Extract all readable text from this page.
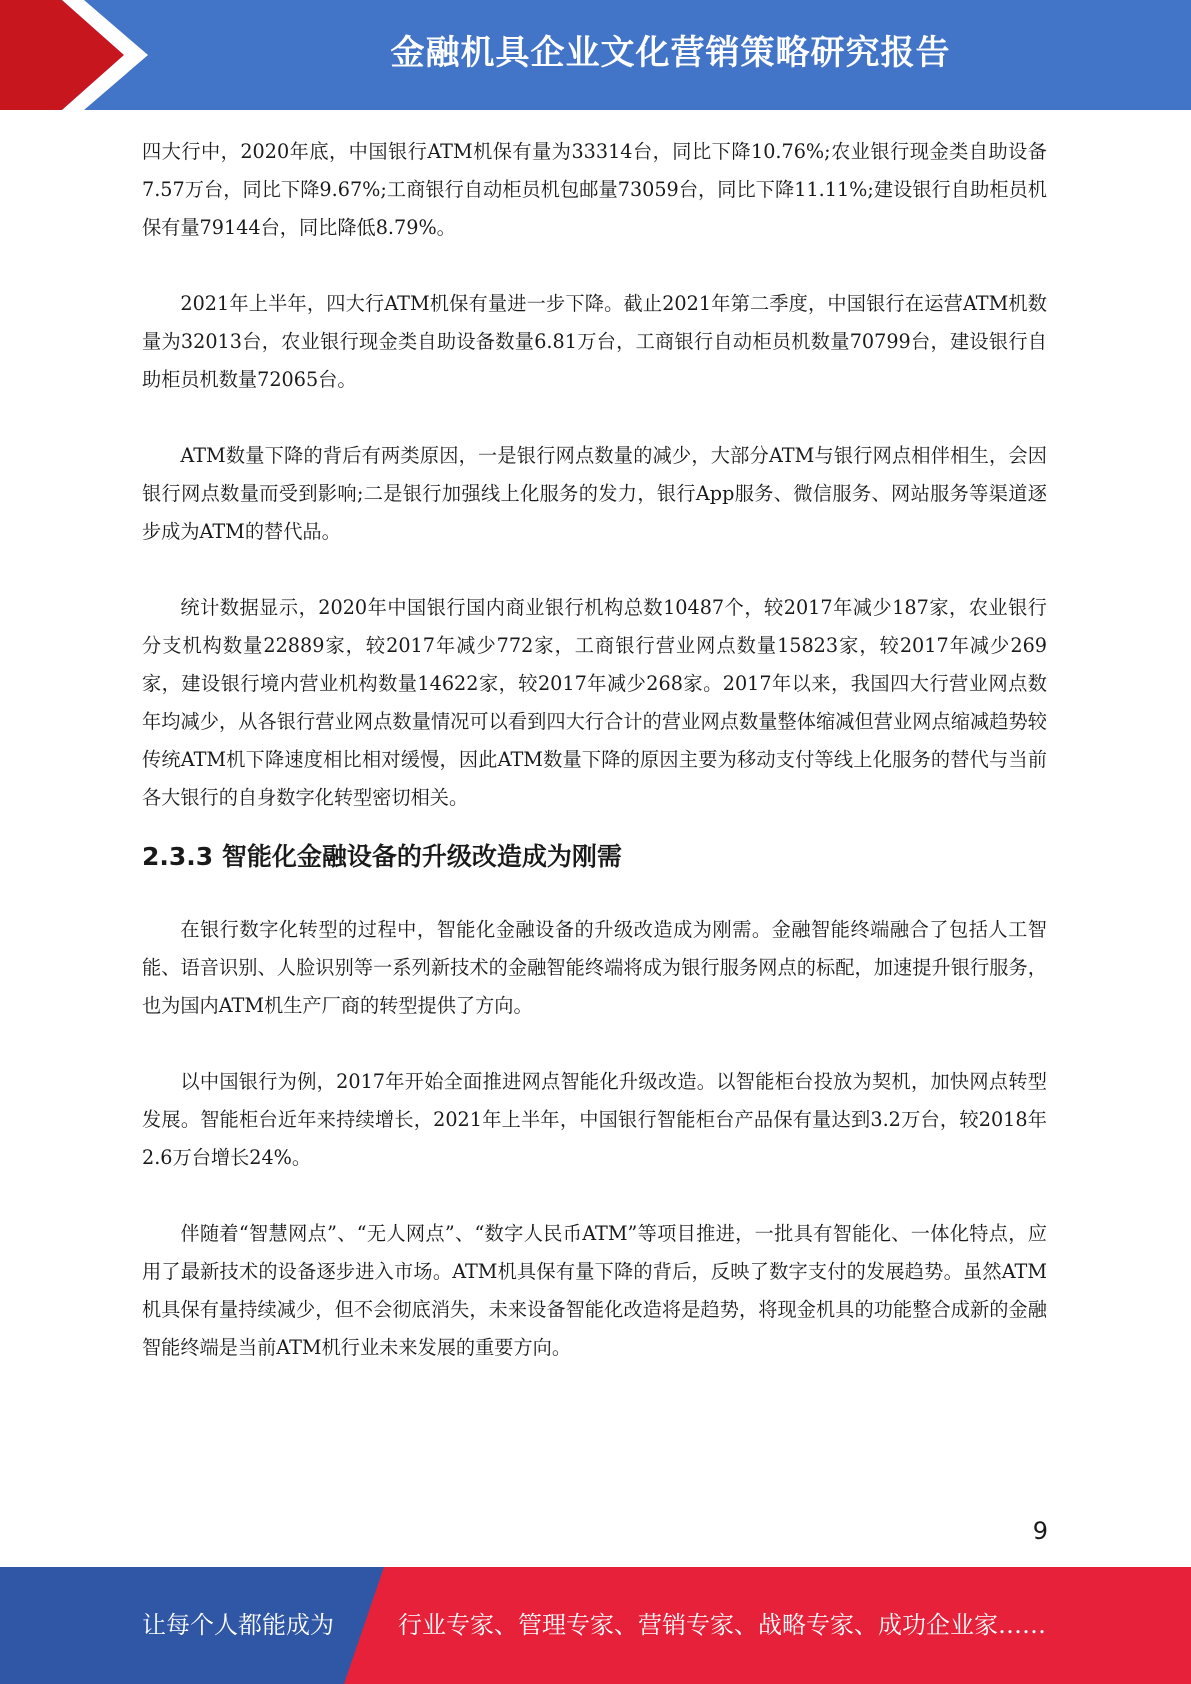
金融机具企业文化营销策略研究报告

四大行中，2020年底，中国银行ATM机保有量为33314台，同比下降10.76%;农业银行现金类自助设备7.57万台，同比下降9.67%;工商银行自动柜员机包邮量73059台，同比下降11.11%;建设银行自助柜员机保有量79144台，同比降低8.79%。

2021年上半年，四大行ATM机保有量进一步下降。截止2021年第二季度，中国银行在运营ATM机数量为32013台，农业银行现金类自助设备数量6.81万台，工商银行自动柜员机数量70799台，建设银行自助柜员机数量72065台。

ATM数量下降的背后有两类原因，一是银行网点数量的减少，大部分ATM与银行网点相伴相生，会因银行网点数量而受到影响;二是银行加强线上化服务的发力，银行App服务、微信服务、网站服务等渠道逐步成为ATM的替代品。

统计数据显示，2020年中国银行国内商业银行机构总数10487个，较2017年减少187家，农业银行分支机构数量22889家，较2017年减少772家，工商银行营业网点数量15823家，较2017年减少269家，建设银行境内营业机构数量14622家，较2017年减少268家。2017年以来，我国四大行营业网点数年均减少，从各银行营业网点数量情况可以看到四大行合计的营业网点数量整体缩减但营业网点缩减趋势较传统ATM机下降速度相比相对缓慢，因此ATM数量下降的原因主要为移动支付等线上化服务的替代与当前各大银行的自身数字化转型密切相关。

2.3.3 智能化金融设备的升级改造成为刚需

在银行数字化转型的过程中，智能化金融设备的升级改造成为刚需。金融智能终端融合了包括人工智能、语音识别、人脸识别等一系列新技术的金融智能终端将成为银行服务网点的标配，加速提升银行服务，也为国内ATM机生产厂商的转型提供了方向。

以中国银行为例，2017年开始全面推进网点智能化升级改造。以智能柜台投放为契机，加快网点转型发展。智能柜台近年来持续增长，2021年上半年，中国银行智能柜台产品保有量达到3.2万台，较2018年2.6万台增长24%。

伴随着“智慧网点”、“无人网点”、“数字人民币ATM”等项目推进，一批具有智能化、一体化特点，应用了最新技术的设备逐步进入市场。ATM机具保有量下降的背后，反映了数字支付的发展趋势。虽然ATM机具保有量持续减少，但不会彻底消失，未来设备智能化改造将是趋势，将现金机具的功能整合成新的金融智能终端是当前ATM机行业未来发展的重要方向。

9
让每个人都能成为	行业专家、管理专家、营销专家、战略专家、成功企业家……
